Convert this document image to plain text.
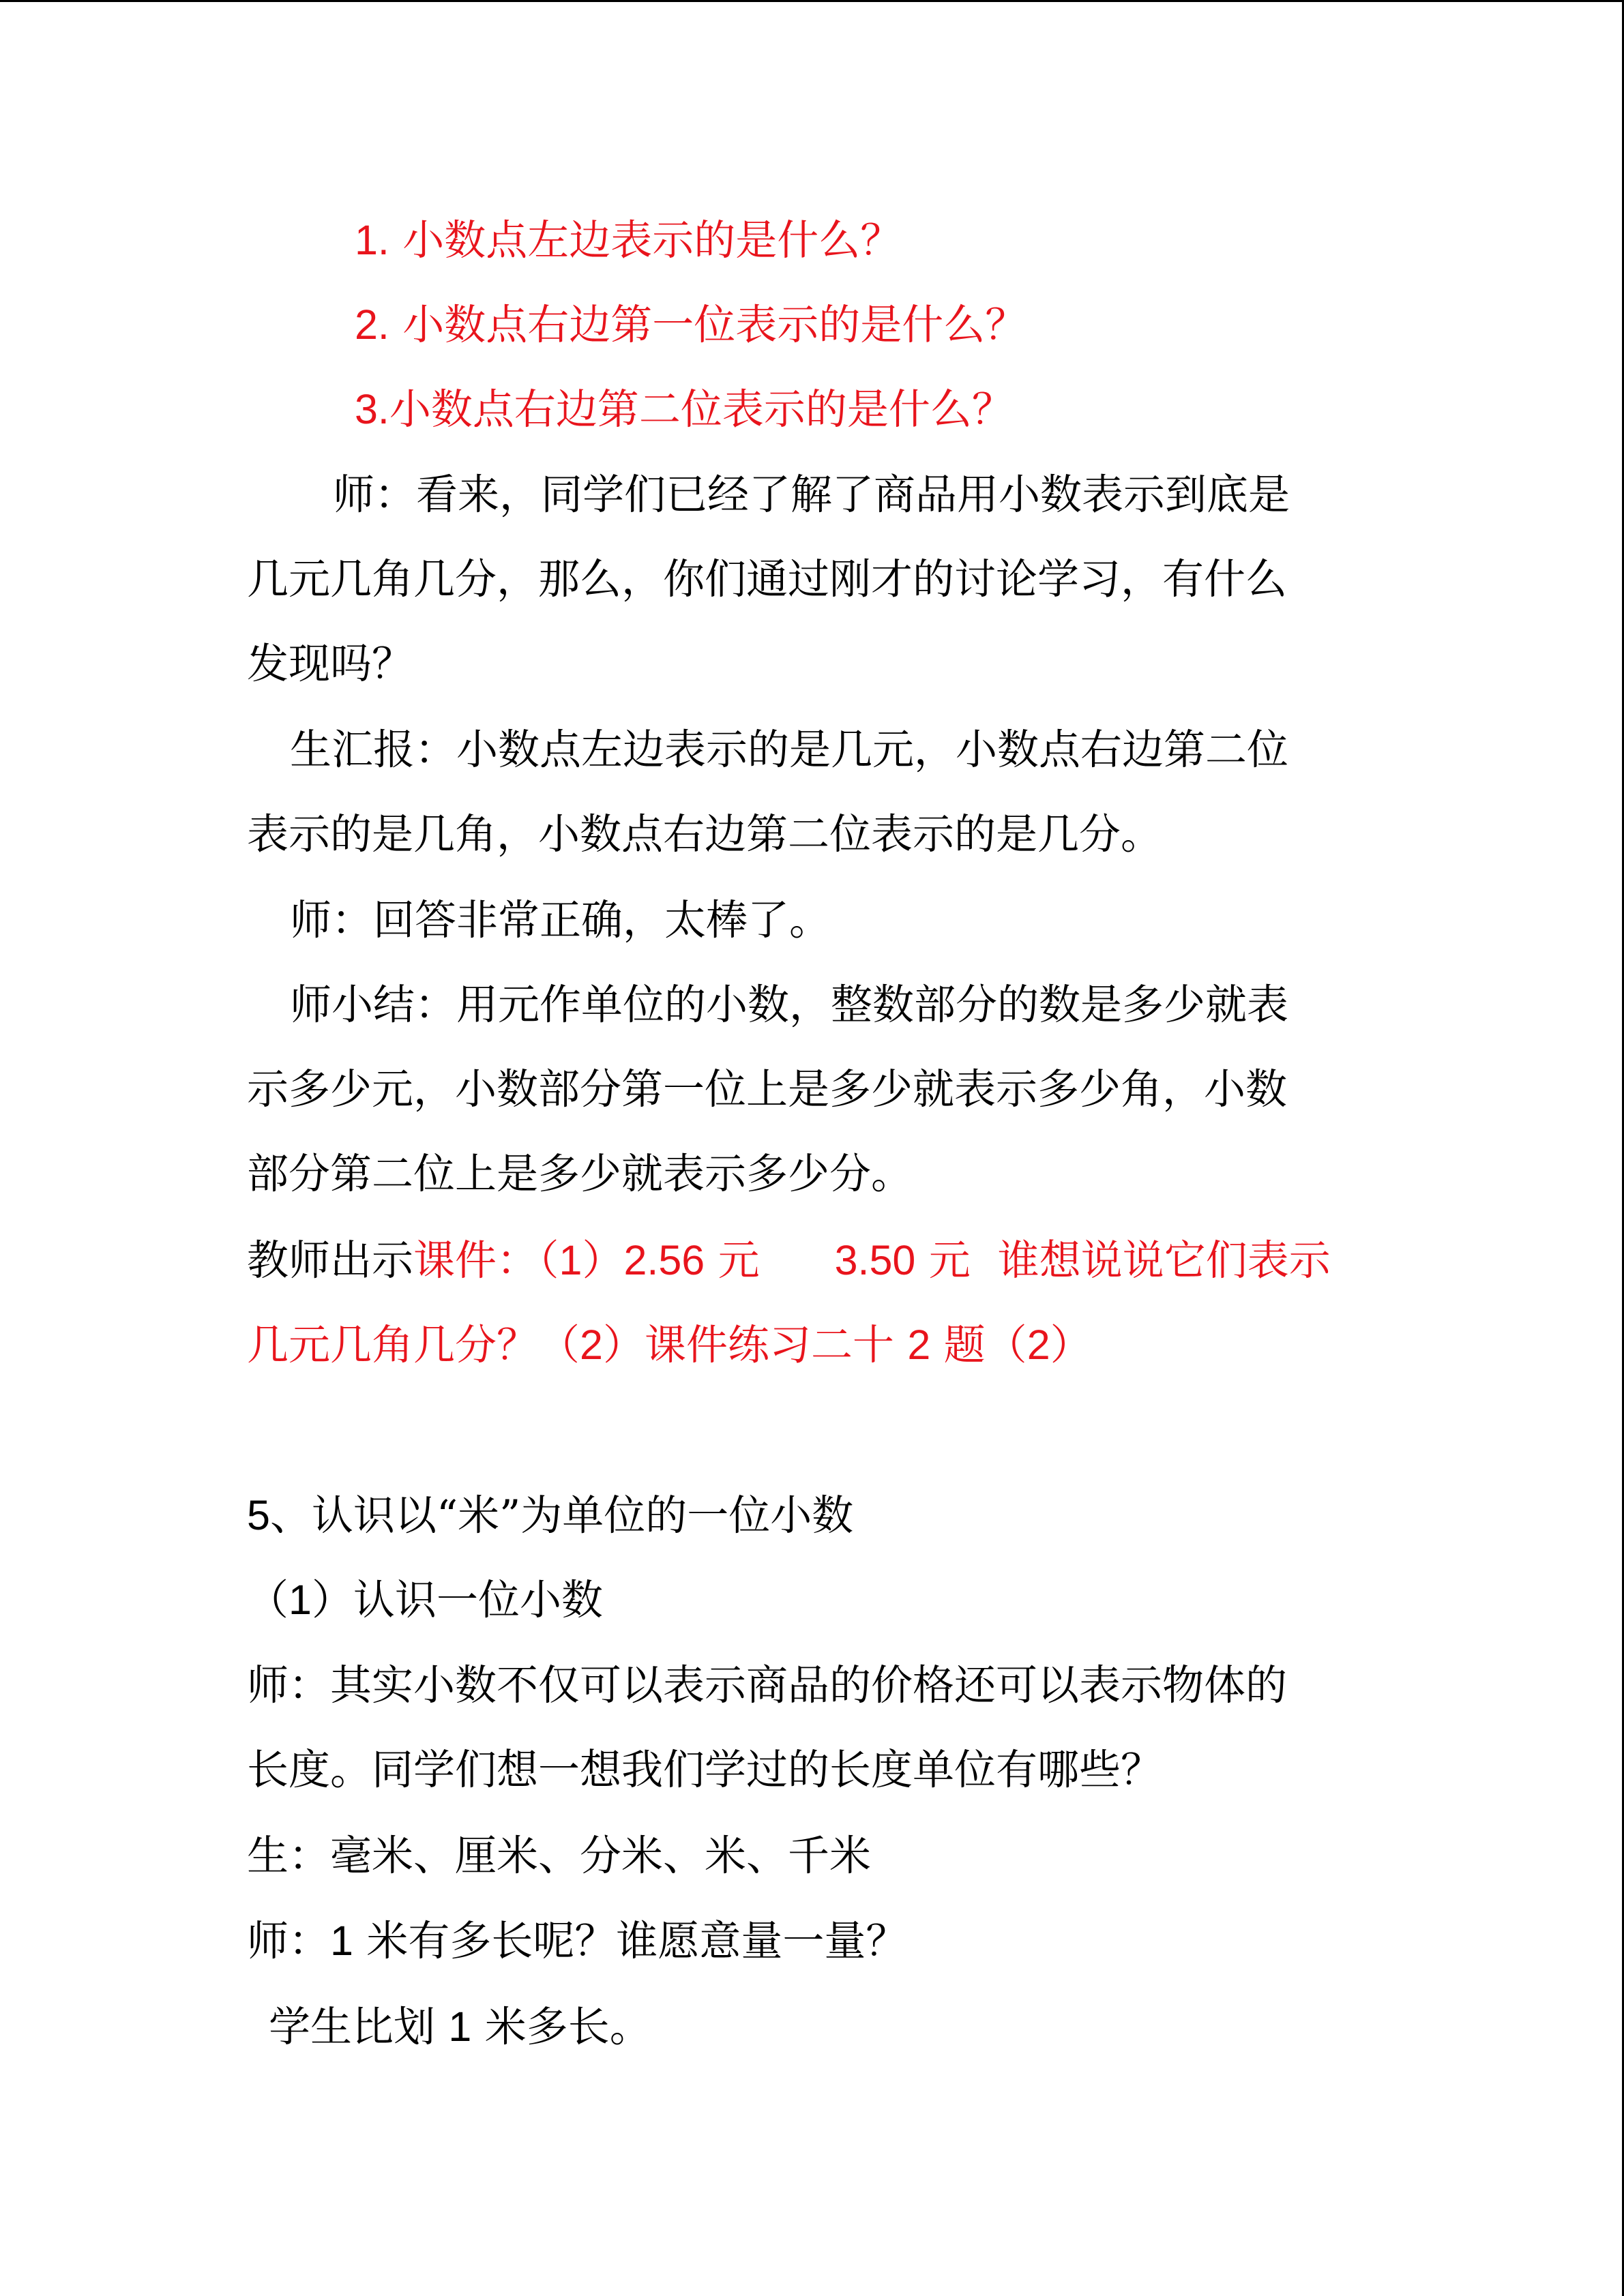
1. 小数点左边表示的是什么？
2. 小数点右边第一位表示的是什么？
3.小数点右边第二位表示的是什么？
师：看来，同学们已经了解了商品用小数表示到底是
几元几角几分，那么，你们通过刚才的讨论学习，有什么
发现吗？
生汇报：小数点左边表示的是几元，小数点右边第二位
表示的是几角，小数点右边第二位表示的是几分。
师：回答非常正确，太棒了。
师小结：用元作单位的小数，整数部分的数是多少就表
示多少元，小数部分第一位上是多少就表示多少角，小数
部分第二位上是多少就表示多少分。
教师出示课件：（1）2.56 元 3.50 元 谁想说说它们表示
几元几角几分？（2）课件练习二十 2 题（2）
5、认识以“米”为单位的一位小数
（1）认识一位小数
师：其实小数不仅可以表示商品的价格还可以表示物体的
长度。同学们想一想我们学过的长度单位有哪些？
生：毫米、厘米、分米、米、千米
师：1 米有多长呢？谁愿意量一量？
学生比划 1 米多长。
